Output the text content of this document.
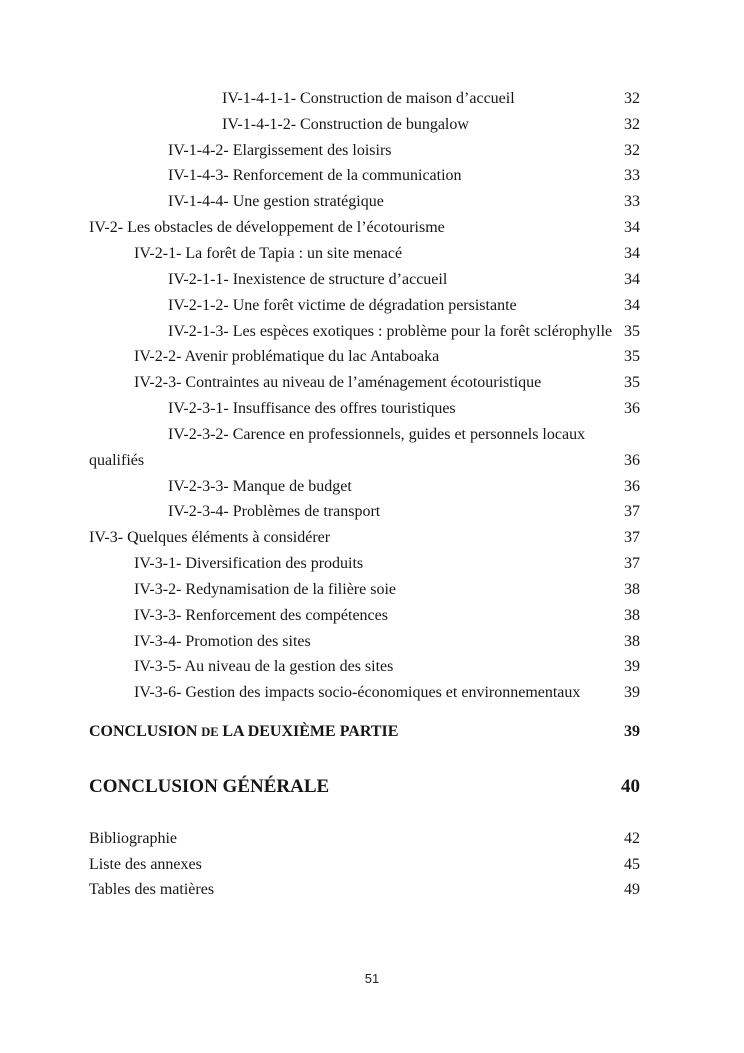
IV-1-4-1-1- Construction de maison d’accueil	32
IV-1-4-1-2- Construction de bungalow	32
IV-1-4-2- Elargissement des loisirs	32
IV-1-4-3- Renforcement de la communication	33
IV-1-4-4- Une gestion stratégique	33
IV-2- Les obstacles de développement de l’écotourisme	34
IV-2-1- La forêt de Tapia : un site menacé	34
IV-2-1-1- Inexistence de structure d’accueil	34
IV-2-1-2- Une forêt victime de dégradation persistante	34
IV-2-1-3- Les espèces exotiques : problème pour la forêt sclérophylle 35
IV-2-2- Avenir problématique du lac Antaboaka	35
IV-2-3- Contraintes au niveau de l’aménagement écotouristique	35
IV-2-3-1- Insuffisance des offres touristiques	36
IV-2-3-2- Carence en professionnels, guides et personnels locaux
qualifiés	36
IV-2-3-3- Manque de budget	36
IV-2-3-4- Problèmes de transport	37
IV-3- Quelques éléments à considérer	37
IV-3-1- Diversification des produits	37
IV-3-2- Redynamisation de la filière soie	38
IV-3-3- Renforcement des compétences	38
IV-3-4- Promotion des sites	38
IV-3-5- Au niveau de la gestion des sites	39
IV-3-6- Gestion des impacts socio-économiques et environnementaux	39
CONCLUSION DE LA DEUXIÈME PARTIE	39
CONCLUSION GÉNÉRALE	40
Bibliographie	42
Liste des annexes	45
Tables des matières	49
51
